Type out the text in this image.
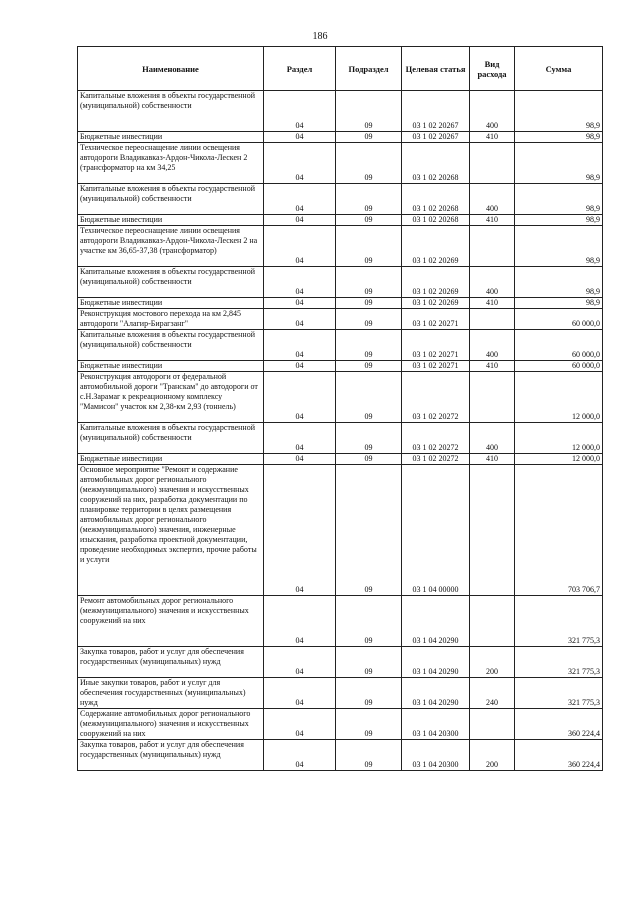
186
Наименование	Раздел	Подраздел	Целевая статья	Вид расхода	Сумма
Капитальные вложения в объекты государственной (муниципальной) собственности	04	09	03 1 02 20267	400	98,9
Бюджетные инвестиции	04	09	03 1 02 20267	410	98,9
Техническое переоснащение линии освещения автодороги Владикавказ-Ардон-Чикола-Лескен 2 (трансформатор на км 34,25	04	09	03 1 02 20268		98,9
Капитальные вложения в объекты государственной (муниципальной) собственности	04	09	03 1 02 20268	400	98,9
Бюджетные инвестиции	04	09	03 1 02 20268	410	98,9
Техническое переоснащение линии освещения автодороги Владикавказ-Ардон-Чикола-Лескен 2 на участке км 36,65-37,38 (трансформатор)	04	09	03 1 02 20269		98,9
Капитальные вложения в объекты государственной (муниципальной) собственности	04	09	03 1 02 20269	400	98,9
Бюджетные инвестиции	04	09	03 1 02 20269	410	98,9
Реконструкция мостового перехода на км 2,845 автодороги "Алагир-Бирагзанг"	04	09	03 1 02 20271		60 000,0
Капитальные вложения в объекты государственной (муниципальной) собственности	04	09	03 1 02 20271	400	60 000,0
Бюджетные инвестиции	04	09	03 1 02 20271	410	60 000,0
Реконструкция автодороги от федеральной автомобильной дороги "Транскам" до автодороги от с.Н.Зарамаг к рекреационному комплексу "Мамисон" участок км 2,38-км 2,93 (тоннель)	04	09	03 1 02 20272		12 000,0
Капитальные вложения в объекты государственной (муниципальной) собственности	04	09	03 1 02 20272	400	12 000,0
Бюджетные инвестиции	04	09	03 1 02 20272	410	12 000,0
Основное мероприятие "Ремонт и содержание автомобильных дорог регионального (межмуниципального) значения и искусственных сооружений на них, разработка документации по планировке территории в целях размещения автомобильных дорог регионального (межмуниципального) значения, инженерные изыскания, разработка проектной документации, проведение необходимых экспертиз, прочие работы и услуги	04	09	03 1 04 00000		703 706,7
Ремонт автомобильных дорог регионального (межмуниципального) значения и искусственных сооружений на них	04	09	03 1 04 20290		321 775,3
Закупка товаров, работ и услуг для обеспечения государственных (муниципальных) нужд	04	09	03 1 04 20290	200	321 775,3
Иные закупки товаров, работ и услуг для обеспечения государственных (муниципальных) нужд	04	09	03 1 04 20290	240	321 775,3
Содержание автомобильных дорог регионального (межмуниципального) значения и искусственных сооружений на них	04	09	03 1 04 20300		360 224,4
Закупка товаров, работ и услуг для обеспечения государственных (муниципальных) нужд	04	09	03 1 04 20300	200	360 224,4
